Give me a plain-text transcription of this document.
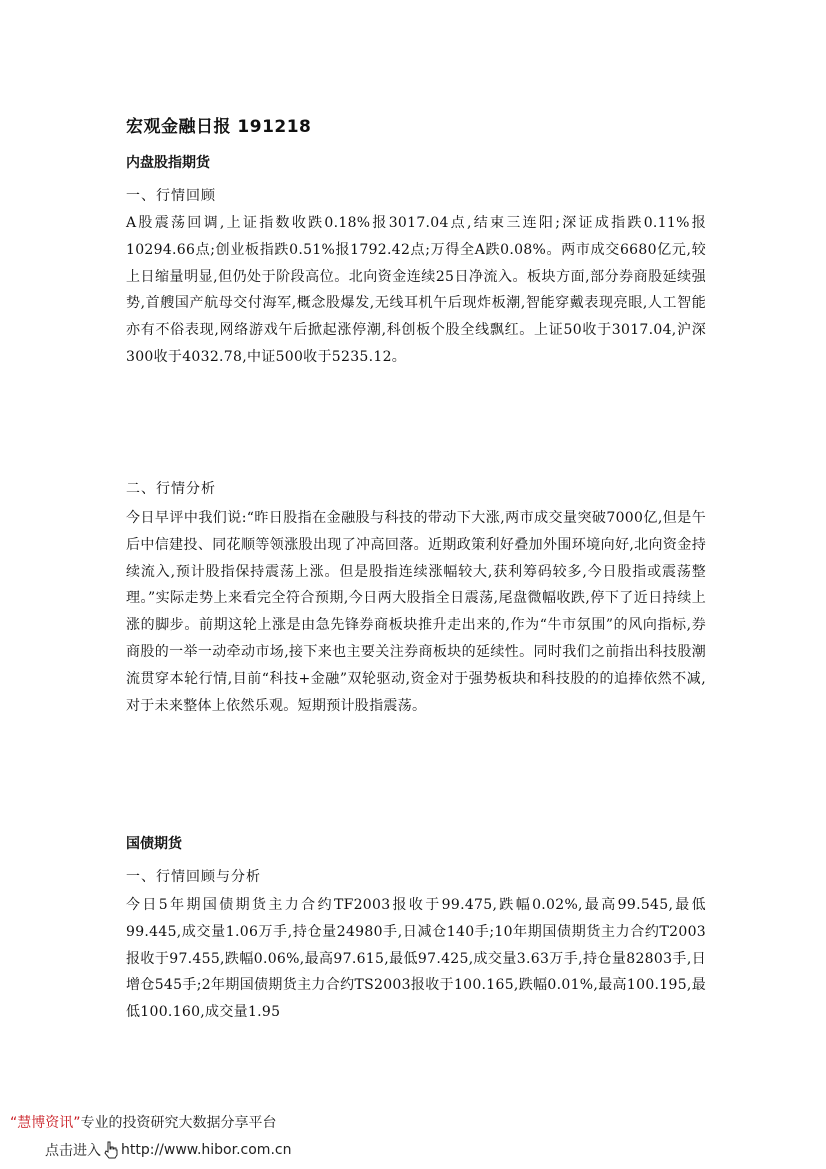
宏观金融日报 191218
内盘股指期货
一、行情回顾
A股震荡回调,上证指数收跌0.18%报3017.04点,结束三连阳;深证成指跌0.11%报10294.66点;创业板指跌0.51%报1792.42点;万得全A跌0.08%。两市成交6680亿元,较上日缩量明显,但仍处于阶段高位。北向资金连续25日净流入。板块方面,部分券商股延续强势,首艘国产航母交付海军,概念股爆发,无线耳机午后现炸板潮,智能穿戴表现亮眼,人工智能亦有不俗表现,网络游戏午后掀起涨停潮,科创板个股全线飘红。上证50收于3017.04,沪深300收于4032.78,中证500收于5235.12。
二、行情分析
今日早评中我们说:“昨日股指在金融股与科技的带动下大涨,两市成交量突破7000亿,但是午后中信建投、同花顺等领涨股出现了冲高回落。近期政策利好叠加外围环境向好,北向资金持续流入,预计股指保持震荡上涨。但是股指连续涨幅较大,获利筹码较多,今日股指或震荡整理。”实际走势上来看完全符合预期,今日两大股指全日震荡,尾盘微幅收跌,停下了近日持续上涨的脚步。前期这轮上涨是由急先锋券商板块推升走出来的,作为“牛市氛围”的风向指标,券商股的一举一动牵动市场,接下来也主要关注券商板块的延续性。同时我们之前指出科技股潮流贯穿本轮行情,目前“科技+金融”双轮驱动,资金对于强势板块和科技股的的追捧依然不减,对于未来整体上依然乐观。短期预计股指震荡。
国债期货
一、行情回顾与分析
今日5年期国债期货主力合约TF2003报收于99.475,跌幅0.02%,最高99.545,最低99.445,成交量1.06万手,持仓量24980手,日减仓140手;10年期国债期货主力合约T2003报收于97.455,跌幅0.06%,最高97.615,最低97.425,成交量3.63万手,持仓量82803手,日增仓545手;2年期国债期货主力合约TS2003报收于100.165,跌幅0.01%,最高100.195,最低100.160,成交量1.95
“慧博资讯”专业的投资研究大数据分享平台
点击进入 http://www.hibor.com.cn
